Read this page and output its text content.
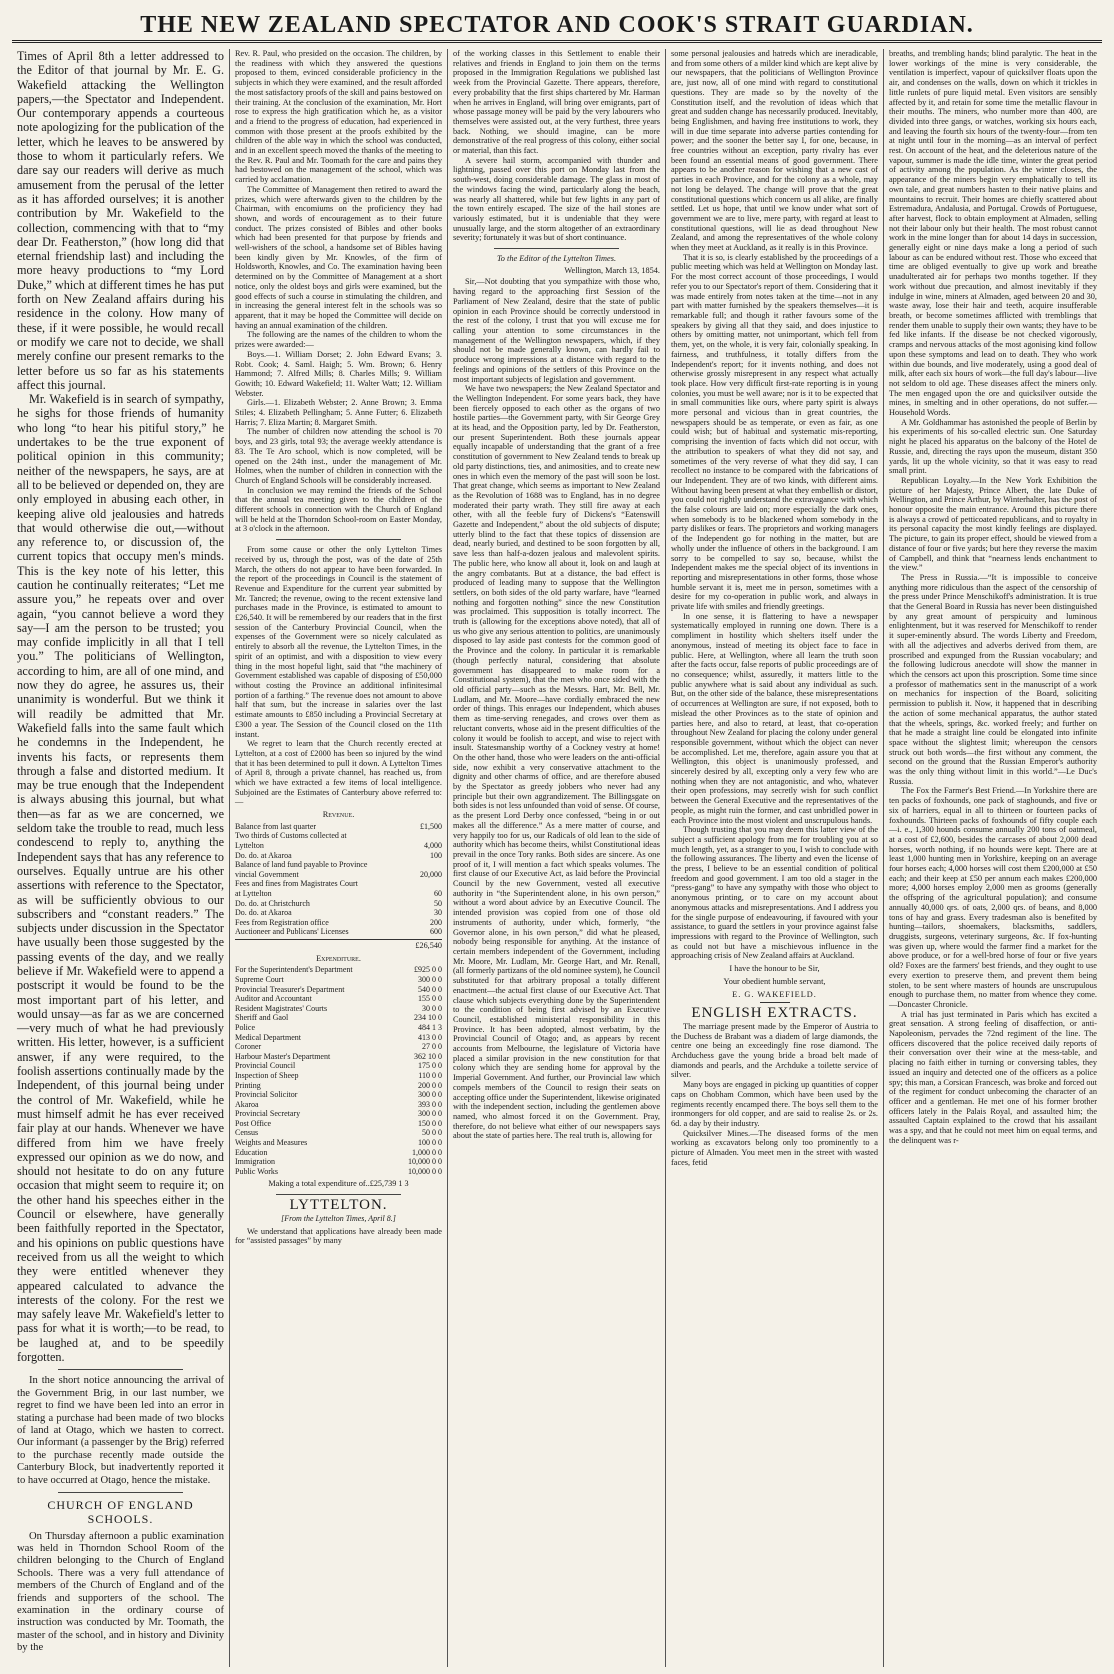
THE NEW ZEALAND SPECTATOR AND COOK'S STRAIT GUARDIAN.

Times of April 8th a letter addressed to the Editor of that journal by Mr. E. G. Wakefield attacking the Wellington papers,—the Spectator and Independent. Our contemporary appends a courteous note apologizing for the publication of the letter, which he leaves to be answered by those to whom it particularly refers. We dare say our readers will derive as much amusement from the perusal of the letter as it has afforded ourselves; it is another contribution by Mr. Wakefield to the collection, commencing with that to “my dear Dr. Featherston,” (how long did that eternal friendship last) and including the more heavy productions to “my Lord Duke,” which at different times he has put forth on New Zealand affairs during his residence in the colony. How many of these, if it were possible, he would recall or modify we care not to decide, we shall merely confine our present remarks to the letter before us so far as his statements affect this journal.

Mr. Wakefield is in search of sympathy, he sighs for those friends of humanity who long “to hear his pitiful story,” he undertakes to be the true exponent of political opinion in this community; neither of the newspapers, he says, are at all to be believed or depended on, they are only employed in abusing each other, in keeping alive old jealousies and hatreds that would otherwise die out,—without any reference to, or discussion of, the current topics that occupy men's minds. This is the key note of his letter, this caution he continually reiterates; “Let me assure you,” he repeats over and over again, “you cannot believe a word they say—I am the person to be trusted; you may confide implicitly in all that I tell you.” The politicians of Wellington, according to him, are all of one mind, and now they do agree, he assures us, their unanimity is wonderful. But we think it will readily be admitted that Mr. Wakefield falls into the same fault which he condemns in the Independent, he invents his facts, or represents them through a false and distorted medium. It may be true enough that the Independent is always abusing this journal, but what then—as far as we are concerned, we seldom take the trouble to read, much less condescend to reply to, anything the Independent says that has any reference to ourselves. Equally untrue are his other assertions with reference to the Spectator, as will be sufficiently obvious to our subscribers and “constant readers.” The subjects under discussion in the Spectator have usually been those suggested by the passing events of the day, and we really believe if Mr. Wakefield were to append a postscript it would be found to be the most important part of his letter, and would unsay—as far as we are concerned—very much of what he had previously written. His letter, however, is a sufficient answer, if any were required, to the foolish assertions continually made by the Independent, of this journal being under the control of Mr. Wakefield, while he must himself admit he has ever received fair play at our hands. Whenever we have differed from him we have freely expressed our opinion as we do now, and should not hesitate to do on any future occasion that might seem to require it; on the other hand his speeches either in the Council or elsewhere, have generally been faithfully reported in the Spectator, and his opinions on public questions have received from us all the weight to which they were entitled whenever they appeared calculated to advance the interests of the colony. For the rest we may safely leave Mr. Wakefield's letter to pass for what it is worth;—to be read, to be laughed at, and to be speedily forgotten.

In the short notice announcing the arrival of the Government Brig, in our last number, we regret to find we have been led into an error in stating a purchase had been made of two blocks of land at Otago, which we hasten to correct. Our informant (a passenger by the Brig) referred to the purchase recently made outside the Canterbury Block, but inadvertently reported it to have occurred at Otago, hence the mistake.

CHURCH OF ENGLAND SCHOOLS.

On Thursday afternoon a public examination was held in Thorndon School Room of the children belonging to the Church of England Schools. There was a very full attendance of members of the Church of England and of the friends and supporters of the school. The examination in the ordinary course of instruction was conducted by Mr. Toomath, the master of the school, and in history and Divinity by the

Rev. R. Paul, who presided on the occasion. The children, by the readiness with which they answered the questions proposed to them, evinced considerable proficiency in the subjects in which they were examined, and the result afforded the most satisfactory proofs of the skill and pains bestowed on their training. At the conclusion of the examination, Mr. Hort rose to express the high gratification which he, as a visitor and a friend to the progress of education, had experienced in common with those present at the proofs exhibited by the children of the able way in which the school was conducted, and in an excellent speech moved the thanks of the meeting to the Rev. R. Paul and Mr. Toomath for the care and pains they had bestowed on the management of the school, which was carried by acclamation.

The Committee of Management then retired to award the prizes, which were afterwards given to the children by the Chairman, with encomiums on the proficiency they had shown, and words of encouragement as to their future conduct. The prizes consisted of Bibles and other books which had been presented for that purpose by friends and well-wishers of the school, a handsome set of Bibles having been kindly given by Mr. Knowles, of the firm of Holdsworth, Knowles, and Co. The examination having been determined on by the Committee of Management at a short notice, only the oldest boys and girls were examined, but the good effects of such a course in stimulating the children, and in increasing the general interest felt in the schools was so apparent, that it may be hoped the Committee will decide on having an annual examination of the children.

The following are the names of the children to whom the prizes were awarded:—

Boys.—1. William Dorset; 2. John Edward Evans; 3. Robt. Cook; 4. Saml. Haigh; 5. Wm. Brown; 6. Henry Hammond; 7. Alfred Mills; 8. Charles Mills; 9. William Gowith; 10. Edward Wakefield; 11. Walter Watt; 12. William Webster.

Girls.—1. Elizabeth Webster; 2. Anne Brown; 3. Emma Stiles; 4. Elizabeth Pellingham; 5. Anne Futter; 6. Elizabeth Harris; 7. Eliza Martin; 8. Margaret Smith.

The number of children now attending the school is 70 boys, and 23 girls, total 93; the average weekly attendance is 83. The Te Aro school, which is now completed, will be opened on the 24th inst., under the management of Mr. Holmes, when the number of children in connection with the Church of England Schools will be considerably increased.

In conclusion we may remind the friends of the School that the annual tea meeting given to the children of the different schools in connection with the Church of England will be held at the Thorndon School-room on Easter Monday, at 3 o'clock in the afternoon.

From some cause or other the only Lyttelton Times received by us, through the post, was of the date of 25th March, the others do not appear to have been forwarded. In the report of the proceedings in Council is the statement of Revenue and Expenditure for the current year submitted by Mr. Tancred; the revenue, owing to the recent extensive land purchases made in the Province, is estimated to amount to £26,540. It will be remembered by our readers that in the first session of the Canterbury Provincial Council, when the expenses of the Government were so nicely calculated as entirely to absorb all the revenue, the Lyttelton Times, in the spirit of an optimist, and with a disposition to view every thing in the most hopeful light, said that “the machinery of Government established was capable of disposing of £50,000 without costing the Province an additional infinitesimal portion of a farthing.” The revenue does not amount to above half that sum, but the increase in salaries over the last estimate amounts to £850 including a Provincial Secretary at £300 a year. The Session of the Council closed on the 11th instant.

We regret to learn that the Church recently erected at Lyttelton, at a cost of £2000 has been so injured by the wind that it has been determined to pull it down. A Lyttelton Times of April 8, through a private channel, has reached us, from which we have extracted a few items of local intelligence. Subjoined are the Estimates of Canterbury above referred to:—

Revenue.
Balance from last quarter	£1,500
Two thirds of Customs collected at
Lyttelton	4,000
Do. do. at Akaroa	100
Balance of land fund payable to Province
vincial Government	20,000
Fees and fines from Magistrates Court
at Lyttelton	60
Do. do. at Christchurch	50
Do. do. at Akaroa	30
Fees from Registration office	200
Auctioneer and Publicans' Licenses	600
£26,540
Expenditure.
For the Superintendent's Department	£925 0 0
Supreme Court	300 0 0
Provincial Treasurer's Department	540 0 0
Auditor and Accountant	155 0 0
Resident Magistrates' Courts	30 0 0
Sheriff and Gaol	234 10 0
Police	484 1 3
Medical Department	413 0 0
Coroner	27 0 0
Harbour Master's Department	362 10 0
Provincial Council	175 0 0
Inspection of Sheep	110 0 0
Printing	200 0 0
Provincial Solicitor	300 0 0
Akaroa	393 0 0
Provincial Secretary	300 0 0
Post Office	150 0 0
Census	50 0 0
Weights and Measures	100 0 0
Education	1,000 0 0
Immigration	10,000 0 0
Public Works	10,000 0 0
Making a total expenditure of..£25,739 1 3
LYTTELTON.
[From the Lyttelton Times, April 8.]

We understand that applications have already been made for “assisted passages” by many

of the working classes in this Settlement to enable their relatives and friends in England to join them on the terms proposed in the Immigration Regulations we published last week from the Provincial Gazette. There appears, therefore, every probability that the first ships chartered by Mr. Harman when he arrives in England, will bring over emigrants, part of whose passage money will be paid by the very labourers who themselves were assisted out, at the very furthest, three years back. Nothing, we should imagine, can be more demonstrative of the real progress of this colony, either social or material, than this fact.

A severe hail storm, accompanied with thunder and lightning, passed over this port on Monday last from the south-west, doing considerable damage. The glass in most of the windows facing the wind, particularly along the beach, was nearly all shattered, while but few lights in any part of the town entirely escaped. The size of the hail stones are variously estimated, but it is undeniable that they were unusually large, and the storm altogether of an extraordinary severity; fortunately it was but of short continuance.

To the Editor of the Lyttelton Times.
Wellington, March 13, 1854.

Sir,—Not doubting that you sympathize with those who, having regard to the approaching first Session of the Parliament of New Zealand, desire that the state of public opinion in each Province should be correctly understood in the rest of the colony, I trust that you will excuse me for calling your attention to some circumstances in the management of the Wellington newspapers, which, if they should not be made generally known, can hardly fail to produce wrong impressions at a distance with regard to the feelings and opinions of the settlers of this Province on the most important subjects of legislation and government.

We have two newspapers; the New Zealand Spectator and the Wellington Independent. For some years back, they have been fiercely opposed to each other as the organs of two hostile parties—the Government party, with Sir George Grey at its head, and the Opposition party, led by Dr. Featherston, our present Superintendent. Both these journals appear equally incapable of understanding that the grant of a free constitution of government to New Zealand tends to break up old party distinctions, ties, and animosities, and to create new ones in which even the memory of the past will soon be lost. That great change, which seems as important to New Zealand as the Revolution of 1688 was to England, has in no degree moderated their party wrath. They still fire away at each other, with all the feeble fury of Dickens's “Eatenswill Gazette and Independent,” about the old subjects of dispute; utterly blind to the fact that these topics of dissension are dead, nearly buried, and destined to be soon forgotten by all, save less than half-a-dozen jealous and malevolent spirits. The public here, who know all about it, look on and laugh at the angry combatants. But at a distance, the bad effect is produced of leading many to suppose that the Wellington settlers, on both sides of the old party warfare, have “learned nothing and forgotten nothing” since the new Constitution was proclaimed. This supposition is totally incorrect. The truth is (allowing for the exceptions above noted), that all of us who give any serious attention to politics, are unanimously disposed to lay aside past contests for the common good of the Province and the colony. In particular it is remarkable (though perfectly natural, considering that absolute government has disappeared to make room for a Constitutional system), that the men who once sided with the old official party—such as the Messrs. Hart, Mr. Bell, Mr. Ludlam, and Mr. Moore—have cordially embraced the new order of things. This enrages our Independent, which abuses them as time-serving renegades, and crows over them as reluctant converts, whose aid in the present difficulties of the colony it would be foolish to accept, and wise to reject with insult. Statesmanship worthy of a Cockney vestry at home! On the other hand, those who were leaders on the anti-official side, now exhibit a very conservative attachment to the dignity and other charms of office, and are therefore abused by the Spectator as greedy jobbers who never had any principle but their own aggrandizement. The Billingsgate on both sides is not less unfounded than void of sense. Of course, as the present Lord Derby once confessed, “being in or out makes all the difference.” As a mere matter of course, and very happily too for us, our Radicals of old lean to the side of authority which has become theirs, whilst Constitutional ideas prevail in the once Tory ranks. Both sides are sincere. As one proof of it, I will mention a fact which speaks volumes. The first clause of our Executive Act, as laid before the Provincial Council by the new Government, vested all executive authority in “the Superintendent alone, in his own person,” without a word about advice by an Executive Council. The intended provision was copied from one of those old instruments of authority, under which, formerly, “the Governor alone, in his own person,” did what he pleased, nobody being responsible for anything. At the instance of certain members independent of the Government, including Mr. Moore, Mr. Ludlam, Mr. George Hart, and Mr. Renall, (all formerly partizans of the old nominee system), he Council substituted for that arbitrary proposal a totally different enactment—the actual first clause of our Executive Act. That clause which subjects everything done by the Superintendent to the condition of being first advised by an Executive Council, established ministerial responsibility in this Province. It has been adopted, almost verbatim, by the Provincial Council of Otago; and, as appears by recent accounts from Melbourne, the legislature of Victoria have placed a similar provision in the new constitution for that colony which they are sending home for approval by the Imperial Government. And further, our Provincial law which compels members of the Council to resign their seats on accepting office under the Superintendent, likewise originated with the independent section, including the gentlemen above named, who almost forced it on the Government. Pray, therefore, do not believe what either of our newspapers says about the state of parties here. The real truth is, allowing for

some personal jealousies and hatreds which are ineradicable, and from some others of a milder kind which are kept alive by our newspapers, that the politicians of Wellington Province are, just now, all of one mind with regard to constitutional questions. They are made so by the novelty of the Constitution itself, and the revolution of ideas which that great and sudden change has necessarily produced. Inevitably, being Englishmen, and having free institutions to work, they will in due time separate into adverse parties contending for power; and the sooner the better say I, for one, because, in free countries without an exception, party rivalry has ever been found an essential means of good government. There appears to be another reason for wishing that a new cast of parties in each Province, and for the colony as a whole, may not long be delayed. The change will prove that the great constitutional questions which concern us all alike, are finally settled. Let us hope, that until we know under what sort of government we are to live, mere party, with regard at least to constitutional questions, will lie as dead throughout New Zealand, and among the representatives of the whole colony when they meet at Auckland, as it really is in this Province.

That it is so, is clearly established by the proceedings of a public meeting which was held at Wellington on Monday last. For the most correct account of those proceedings, I would refer you to our Spectator's report of them. Considering that it was made entirely from notes taken at the time—not in any part with matter furnished by the speakers themselves—it is remarkable full; and though it rather favours some of the speakers by giving all that they said, and does injustice to others by omitting matter, not unimportant, which fell from them, yet, on the whole, it is very fair, colonially speaking. In fairness, and truthfulness, it totally differs from the Independent's report; for it invents nothing, and does not otherwise grossly misrepresent in any respect what actually took place. How very difficult first-rate reporting is in young colonies, you must be well aware; nor is it to be expected that in small communities like ours, where party spirit is always more personal and vicious than in great countries, the newspapers should be as temperate, or even as fair, as one could wish; but of habitual and systematic mis-reporting, comprising the invention of facts which did not occur, with the attribution to speakers of what they did not say, and sometimes of the very reverse of what they did say, I can recollect no instance to be compared with the fabrications of our Independent. They are of two kinds, with different aims. Without having been present at what they embellish or distort, you could not rightly understand the extravagance with which the false colours are laid on; more especially the dark ones, when somebody is to be blackened whom somebody in the party dislikes or fears. The proprietors and working managers of the Independent go for nothing in the matter, but are wholly under the influence of others in the background. I am sorry to be compelled to say so, because, whilst the Independent makes me the special object of its inventions in reporting and misrepresentations in other forms, those whose humble servant it is, meet me in person, sometimes with a desire for my co-operation in public work, and always in private life with smiles and friendly greetings.

In one sense, it is flattering to have a newspaper systematically employed in running one down. There is a compliment in hostility which shelters itself under the anonymous, instead of meeting its object face to face in public. Here, at Wellington, where all learn the truth soon after the facts occur, false reports of public proceedings are of no consequence; whilst, assuredly, it matters little to the public anywhere what is said about any individual as such. But, on the other side of the balance, these misrepresentations of occurrences at Wellington are sure, if not exposed, both to mislead the other Provinces as to the state of opinion and parties here, and also to retard, at least, that co-operation throughout New Zealand for placing the colony under general responsible government, without which the object can never be accomplished. Let me, therefore, again assure you that at Wellington, this object is unanimously professed, and sincerely desired by all, excepting only a very few who are nothing when they are not antagonistic, and who, whatever their open professions, may secretly wish for such conflict between the General Executive and the representatives of the people, as might ruin the former, and cast unbridled power in each Province into the most violent and unscrupulous hands.

Though trusting that you may deem this latter view of the subject a sufficient apology from me for troubling you at so much length, yet, as a stranger to you, I wish to conclude with the following assurances. The liberty and even the license of the press, I believe to be an essential condition of political freedom and good government. I am too old a stager in the “press-gang” to have any sympathy with those who object to anonymous printing, or to care on my account about anonymous attacks and misrepresentations. And I address you for the single purpose of endeavouring, if favoured with your assistance, to guard the settlers in your province against false impressions with regard to the Province of Wellington, such as could not but have a mischievous influence in the approaching crisis of New Zealand affairs at Auckland.

I have the honour to be Sir,
Your obedient humble servant,
E. G. WAKEFIELD.
ENGLISH EXTRACTS.

The marriage present made by the Emperor of Austria to the Duchess de Brabant was a diadem of large diamonds, the centre one being an exceedingly fine rose diamond. The Archduchess gave the young bride a broad belt made of diamonds and pearls, and the Archduke a toilette service of silver.

Many boys are engaged in picking up quantities of copper caps on Chobham Common, which have been used by the regiments recently encamped there. The boys sell them to the ironmongers for old copper, and are said to realise 2s. or 2s. 6d. a day by their industry.

Quicksilver Mines.—The diseased forms of the men working as excavators belong only too prominently to a picture of Almaden. You meet men in the street with wasted faces, fetid

breaths, and trembling hands; blind paralytic. The heat in the lower workings of the mine is very considerable, the ventilation is imperfect, vapour of quicksilver floats upon the air, and condenses on the walls, down on which it trickles in little runlets of pure liquid metal. Even visitors are sensibly affected by it, and retain for some time the metallic flavour in their mouths. The miners, who number more than 400, are divided into three gangs, or watches, working six hours each, and leaving the fourth six hours of the twenty-four—from ten at night until four in the morning—as an interval of perfect rest. On account of the heat, and the deleterious nature of the vapour, summer is made the idle time, winter the great period of activity among the population. As the winter closes, the appearance of the miners begin very emphatically to tell its own tale, and great numbers hasten to their native plains and mountains to recruit. Their homes are chiefly scattered about Estremadura, Andalusia, and Portugal. Crowds of Portuguese, after harvest, flock to obtain employment at Almaden, selling not their labour only but their health. The most robust cannot work in the mine longer than for about 14 days in succession, generally eight or nine days make a long a period of such labour as can be endured without rest. Those who exceed that time are obliged eventually to give up work and breathe unadulterated air for perhaps two months together. If they work without due precaution, and almost inevitably if they indulge in wine, miners at Almaden, aged between 20 and 30, waste away, lose their hair and teeth, acquire insufferable breath, or become sometimes afflicted with tremblings that render them unable to supply their own wants; they have to be fed like infants. If the disease be not checked vigorously, cramps and nervous attacks of the most agonising kind follow upon these symptoms and lead on to death. They who work within due bounds, and live moderately, using a good deal of milk, after each six hours of work—the full day's labour—live not seldom to old age. These diseases affect the miners only. The men engaged upon the ore and quicksilver outside the mines, in smelting and in other operations, do not suffer.—Household Words.

A Mr. Goldhammar has astonished the people of Berlin by his experiments of his so-called electric sun. One Saturday night he placed his apparatus on the balcony of the Hotel de Russie, and, directing the rays upon the museum, distant 350 yards, lit up the whole vicinity, so that it was easy to read small print.

Republican Loyalty.—In the New York Exhibition the picture of her Majesty, Prince Albert, the late Duke of Wellington, and Prince Arthur, by Winterhalter, has the post of honour opposite the main entrance. Around this picture there is always a crowd of petticoated republicans, and to royalty in its personal capacity the most kindly feelings are displayed. The picture, to gain its proper effect, should be viewed from a distance of four or five yards; but here they reverse the maxim of Campbell, and think that “nearness lends enchantment to the view.”

The Press in Russia.—“It is impossible to conceive anything more ridiculous than the aspect of the censorship of the press under Prince Menschikoff's administration. It is true that the General Board in Russia has never been distinguished by any great amount of perspicuity and luminous enlightenment, but it was reserved for Menschikoff to render it super-eminently absurd. The words Liberty and Freedom, with all the adjectives and adverbs derived from them, are proscribed and expunged from the Russian vocabulary; and the following ludicrous anecdote will show the manner in which the censors act upon this proscription. Some time since a professor of mathematics sent in the manuscript of a work on mechanics for inspection of the Board, soliciting permission to publish it. Now, it happened that in describing the action of some mechanical apparatus, the author stated that the wheels, springs, &c. worked freely; and further on that he made a straight line could be elongated into infinite space without the slightest limit; whereupon the censors struck out both words—the first without any comment, the second on the ground that the Russian Emperor's authority was the only thing without limit in this world.”—Le Duc's Russia.

The Fox the Farmer's Best Friend.—In Yorkshire there are ten packs of foxhounds, one pack of staghounds, and five or six of harriers, equal in all to thirteen or fourteen packs of foxhounds. Thirteen packs of foxhounds of fifty couple each—i. e., 1,300 hounds consume annually 200 tons of oatmeal, at a cost of £2,600, besides the carcases of about 2,000 dead horses, worth nothing, if no hounds were kept. There are at least 1,000 hunting men in Yorkshire, keeping on an average four horses each; 4,000 horses will cost them £200,000 at £50 each; and their keep at £50 per annum each makes £200,000 more; 4,000 horses employ 2,000 men as grooms (generally the offspring of the agricultural population); and consume annually 40,000 qrs. of oats, 2,000 qrs. of beans, and 8,000 tons of hay and grass. Every tradesman also is benefited by hunting—tailors, shoemakers, blacksmiths, saddlers, druggists, surgeons, veterinary surgeons, &c. If fox-hunting was given up, where would the farmer find a market for the above produce, or for a well-bred horse of four or five years old? Foxes are the farmers' best friends, and they ought to use every exertion to preserve them, and prevent them being stolen, to be sent where masters of hounds are unscrupulous enough to purchase them, no matter from whence they come.—Doncaster Chronicle.

A trial has just terminated in Paris which has excited a great sensation. A strong feeling of disaffection, or anti-Napoleonism, pervades the 72nd regiment of the line. The officers discovered that the police received daily reports of their conversation over their wine at the mess-table, and placing no faith either in turning or conversing tables, they issued an inquiry and detected one of the officers as a police spy; this man, a Corsican Francesch, was broke and forced out of the regiment for conduct unbecoming the character of an officer and a gentleman. He met one of his former brother officers lately in the Palais Royal, and assaulted him; the assaulted Captain explained to the crowd that his assailant was a spy, and that he could not meet him on equal terms, and the delinquent was r-
